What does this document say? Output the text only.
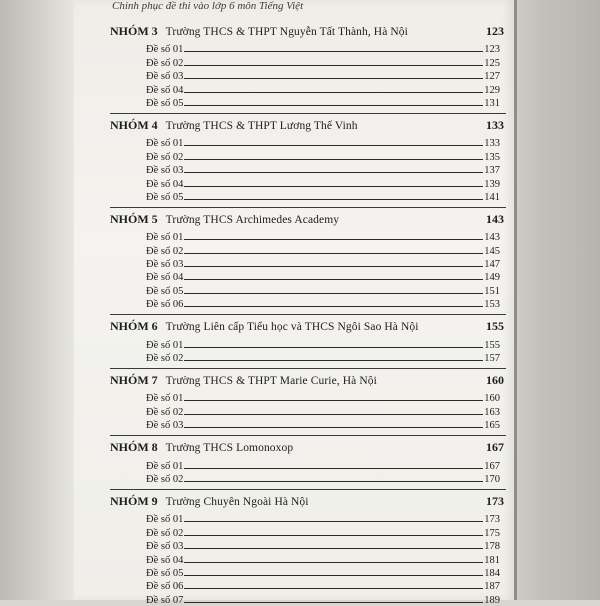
Chinh phục đề thi vào lớp 6 môn Tiếng Việt
NHÓM 3 Trường THCS & THPT Nguyễn Tất Thành, Hà Nội	123
Đề số 01	123
Đề số 02	125
Đề số 03	127
Đề số 04	129
Đề số 05	131
NHÓM 4 Trường THCS & THPT Lương Thế Vinh	133
Đề số 01	133
Đề số 02	135
Đề số 03	137
Đề số 04	139
Đề số 05	141
NHÓM 5 Trường THCS Archimedes Academy	143
Đề số 01	143
Đề số 02	145
Đề số 03	147
Đề số 04	149
Đề số 05	151
Đề số 06	153
NHÓM 6 Trường Liên cấp Tiểu học và THCS Ngôi Sao Hà Nội	155
Đề số 01	155
Đề số 02	157
NHÓM 7 Trường THCS & THPT Marie Curie, Hà Nội	160
Đề số 01	160
Đề số 02	163
Đề số 03	165
NHÓM 8 Trường THCS Lomonoxop	167
Đề số 01	167
Đề số 02	170
NHÓM 9 Trường Chuyên Ngoài Hà Nội	173
Đề số 01	173
Đề số 02	175
Đề số 03	178
Đề số 04	181
Đề số 05	184
Đề số 06	187
Đề số 07	189
